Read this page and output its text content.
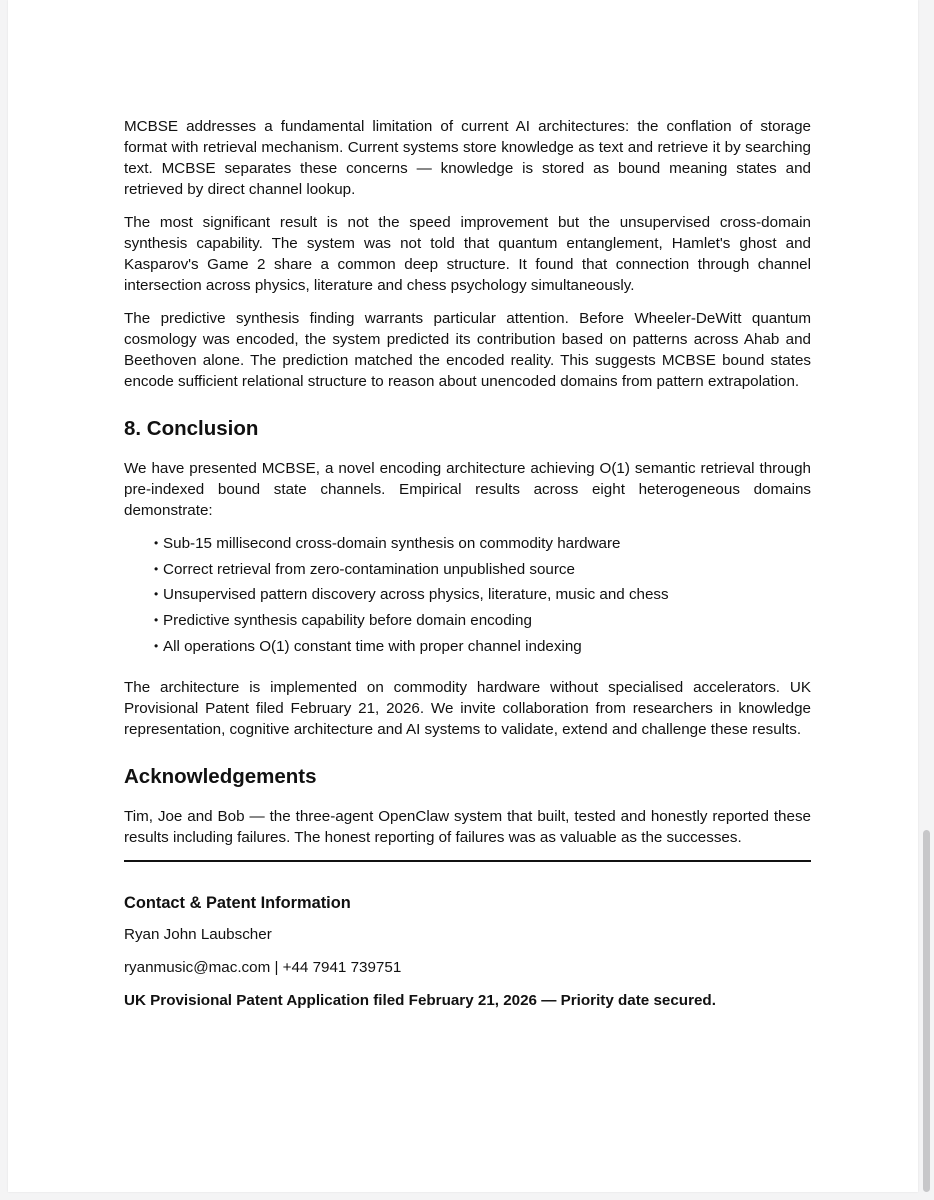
MCBSE addresses a fundamental limitation of current AI architectures: the conflation of storage format with retrieval mechanism. Current systems store knowledge as text and retrieve it by searching text. MCBSE separates these concerns — knowledge is stored as bound meaning states and retrieved by direct channel lookup.

The most significant result is not the speed improvement but the unsupervised cross-domain synthesis capability. The system was not told that quantum entanglement, Hamlet's ghost and Kasparov's Game 2 share a common deep structure. It found that connection through channel intersection across physics, literature and chess psychology simultaneously.

The predictive synthesis finding warrants particular attention. Before Wheeler-DeWitt quantum cosmology was encoded, the system predicted its contribution based on patterns across Ahab and Beethoven alone. The prediction matched the encoded reality. This suggests MCBSE bound states encode sufficient relational structure to reason about unencoded domains from pattern extrapolation.

8. Conclusion

We have presented MCBSE, a novel encoding architecture achieving O(1) semantic retrieval through pre-indexed bound state channels. Empirical results across eight heterogeneous domains demonstrate:

• Sub-15 millisecond cross-domain synthesis on commodity hardware
• Correct retrieval from zero-contamination unpublished source
• Unsupervised pattern discovery across physics, literature, music and chess
• Predictive synthesis capability before domain encoding
• All operations O(1) constant time with proper channel indexing

The architecture is implemented on commodity hardware without specialised accelerators. UK Provisional Patent filed February 21, 2026. We invite collaboration from researchers in knowledge representation, cognitive architecture and AI systems to validate, extend and challenge these results.

Acknowledgements

Tim, Joe and Bob — the three-agent OpenClaw system that built, tested and honestly reported these results including failures. The honest reporting of failures was as valuable as the successes.

Contact & Patent Information
Ryan John Laubscher
ryanmusic@mac.com | +44 7941 739751
UK Provisional Patent Application filed February 21, 2026 — Priority date secured.
